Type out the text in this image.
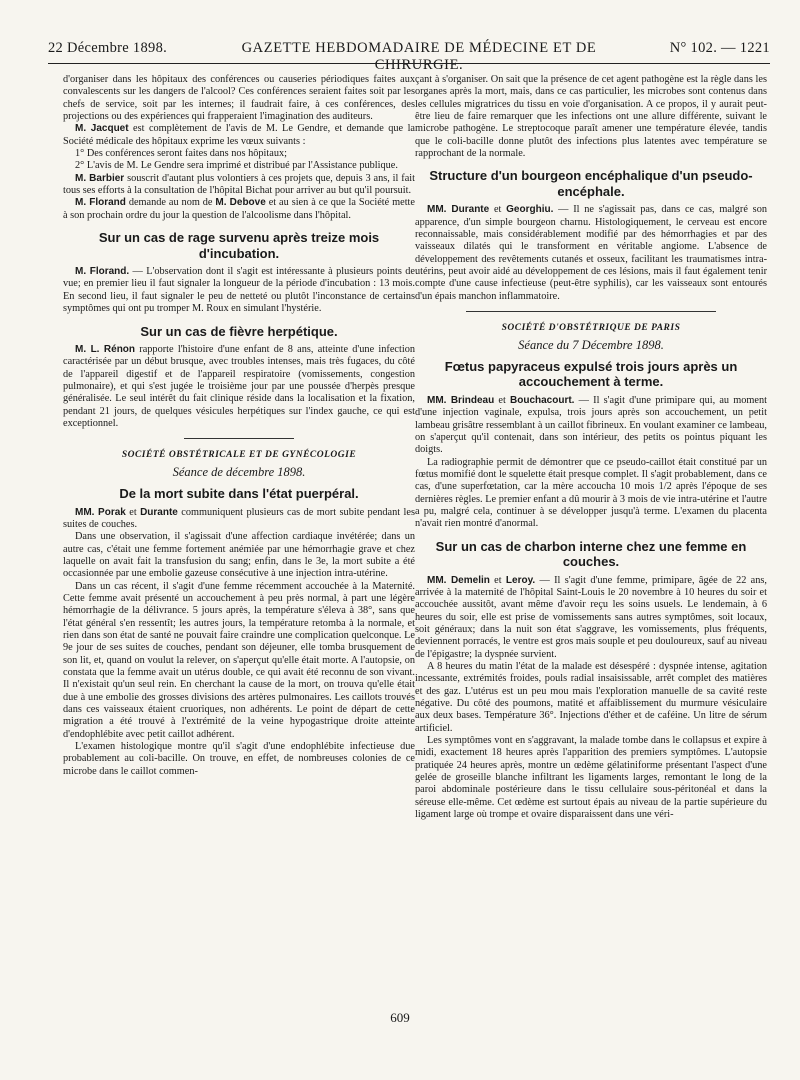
22 Décembre 1898.	GAZETTE HEBDOMADAIRE DE MÉDECINE ET DE CHIRURGIE.
N° 102. — 1221

d'organiser dans les hôpitaux des conférences ou causeries périodiques faites aux convalescents sur les dangers de l'alcool? Ces conférences seraient faites soit par les chefs de service, soit par les internes; il faudrait faire, à ces conférences, des projections ou des expériences qui frapperaient l'imagination des auditeurs.

M. Jacquet est complètement de l'avis de M. Le Gendre, et demande que la Société médicale des hôpitaux exprime les vœux suivants :

1° Des conférences seront faites dans nos hôpitaux;

2° L'avis de M. Le Gendre sera imprimé et distribué par l'Assistance publique.

M. Barbier souscrit d'autant plus volontiers à ces projets que, depuis 3 ans, il fait tous ses efforts à la consultation de l'hôpital Bichat pour arriver au but qu'il poursuit.

M. Florand demande au nom de M. Debove et au sien à ce que la Société mette à son prochain ordre du jour la question de l'alcoolisme dans l'hôpital.

Sur un cas de rage survenu après treize mois d'incubation.

M. Florand. — L'observation dont il s'agit est intéressante à plusieurs points de vue; en premier lieu il faut signaler la longueur de la période d'incubation : 13 mois. En second lieu, il faut signaler le peu de netteté ou plutôt l'inconstance de certains symptômes qui ont pu tromper M. Roux en simulant l'hystérie.

Sur un cas de fièvre herpétique.

M. L. Rénon rapporte l'histoire d'une enfant de 8 ans, atteinte d'une infection caractérisée par un début brusque, avec troubles intenses, mais très fugaces, du côté de l'appareil digestif et de l'appareil respiratoire (vomissements, congestion pulmonaire), et qui s'est jugée le troisième jour par une poussée d'herpès presque généralisée. Le seul intérêt du fait clinique réside dans la localisation et la fixation, pendant 21 jours, de quelques vésicules herpétiques sur l'index gauche, ce qui est exceptionnel.

SOCIÉTÉ OBSTÉTRICALE ET DE GYNÉCOLOGIE
Séance de décembre 1898.
De la mort subite dans l'état puerpéral.

MM. Porak et Durante communiquent plusieurs cas de mort subite pendant les suites de couches.

Dans une observation, il s'agissait d'une affection cardiaque invétérée; dans un autre cas, c'était une femme fortement anémiée par une hémorrhagie grave et chez laquelle on avait fait la transfusion du sang; enfin, dans le 3e, la mort subite a été occasionnée par une embolie gazeuse consécutive à une injection intra-utérine.

Dans un cas récent, il s'agit d'une femme récemment accouchée à la Maternité. Cette femme avait présenté un accouchement à peu près normal, à part une légère hémorrhagie de la délivrance. 5 jours après, la température s'éleva à 38°, sans que l'état général s'en ressentît; les autres jours, la température retomba à la normale, et rien dans son état de santé ne pouvait faire craindre une complication quelconque. Le 9e jour de ses suites de couches, pendant son déjeuner, elle tomba brusquement de son lit, et, quand on voulut la relever, on s'aperçut qu'elle était morte. A l'autopsie, on constata que la femme avait un utérus double, ce qui avait été reconnu de son vivant. Il n'existait qu'un seul rein. En cherchant la cause de la mort, on trouva qu'elle était due à une embolie des grosses divisions des artères pulmonaires. Les caillots trouvés dans ces vaisseaux étaient cruoriques, non adhérents. Le point de départ de cette migration a été trouvé à l'extrémité de la veine hypogastrique droite atteinte d'endophlébite avec petit caillot adhérent.

L'examen histologique montre qu'il s'agit d'une endophlébite infectieuse due probablement au coli-bacille. On trouve, en effet, de nombreuses colonies de ce microbe dans le caillot commen-

çant à s'organiser. On sait que la présence de cet agent pathogène est la règle dans les organes après la mort, mais, dans ce cas particulier, les microbes sont contenus dans les cellules migratrices du tissu en voie d'organisation. A ce propos, il y aurait peut-être lieu de faire remarquer que les infections ont une allure différente, suivant le microbe pathogène. Le streptocoque paraît amener une température élevée, tandis que le coli-bacille donne plutôt des infections plus latentes avec température se rapprochant de la normale.

Structure d'un bourgeon encéphalique d'un pseudo-encéphale.

MM. Durante et Georghiu. — Il ne s'agissait pas, dans ce cas, malgré son apparence, d'un simple bourgeon charnu. Histologiquement, le cerveau est encore reconnaissable, mais considérablement modifié par des hémorrhagies et par des vaisseaux dilatés qui le transforment en véritable angiome. L'absence de développement des revêtements cutanés et osseux, facilitant les traumatismes intra-utérins, peut avoir aidé au développement de ces lésions, mais il faut également tenir compte d'une cause infectieuse (peut-être syphilis), car les vaisseaux sont entourés d'un épais manchon inflammatoire.

SOCIÉTÉ D'OBSTÉTRIQUE DE PARIS
Séance du 7 Décembre 1898.
Fœtus papyraceus expulsé trois jours après un accouchement à terme.

MM. Brindeau et Bouchacourt. — Il s'agit d'une primipare qui, au moment d'une injection vaginale, expulsa, trois jours après son accouchement, un petit lambeau grisâtre ressemblant à un caillot fibrineux. En voulant examiner ce lambeau, on s'aperçut qu'il contenait, dans son intérieur, des petits os pointus piquant les doigts.

La radiographie permit de démontrer que ce pseudo-caillot était constitué par un fœtus momifié dont le squelette était presque complet. Il s'agit probablement, dans ce cas, d'une superfœtation, car la mère accoucha 10 mois 1/2 après l'époque de ses dernières règles. Le premier enfant a dû mourir à 3 mois de vie intra-utérine et l'autre a pu, malgré cela, continuer à se développer jusqu'à terme. L'examen du placenta n'avait rien montré d'anormal.

Sur un cas de charbon interne chez une femme en couches.

MM. Demelin et Leroy. — Il s'agit d'une femme, primipare, âgée de 22 ans, arrivée à la maternité de l'hôpital Saint-Louis le 20 novembre à 10 heures du soir et accouchée aussitôt, avant même d'avoir reçu les soins usuels. Le lendemain, à 6 heures du soir, elle est prise de vomissements sans autres symptômes, soit locaux, soit généraux; dans la nuit son état s'aggrave, les vomissements, plus fréquents, deviennent porracés, le ventre est gros mais souple et peu douloureux, sauf au niveau de l'épigastre; la dyspnée survient.

A 8 heures du matin l'état de la malade est désespéré : dyspnée intense, agitation incessante, extrémités froides, pouls radial insaisissable, arrêt complet des matières et des gaz. L'utérus est un peu mou mais l'exploration manuelle de sa cavité reste négative. Du côté des poumons, matité et affaiblissement du murmure vésiculaire aux deux bases. Température 36°. Injections d'éther et de caféine. Un litre de sérum artificiel.

Les symptômes vont en s'aggravant, la malade tombe dans le collapsus et expire à midi, exactement 18 heures après l'apparition des premiers symptômes. L'autopsie pratiquée 24 heures après, montre un œdème gélatiniforme présentant l'aspect d'une gelée de groseille blanche infiltrant les ligaments larges, remontant le long de la paroi abdominale postérieure dans le tissu cellulaire sous-péritonéal et dans la séreuse elle-même. Cet œdème est surtout épais au niveau de la partie supérieure du ligament large où trompe et ovaire disparaissent dans une véri-

609
